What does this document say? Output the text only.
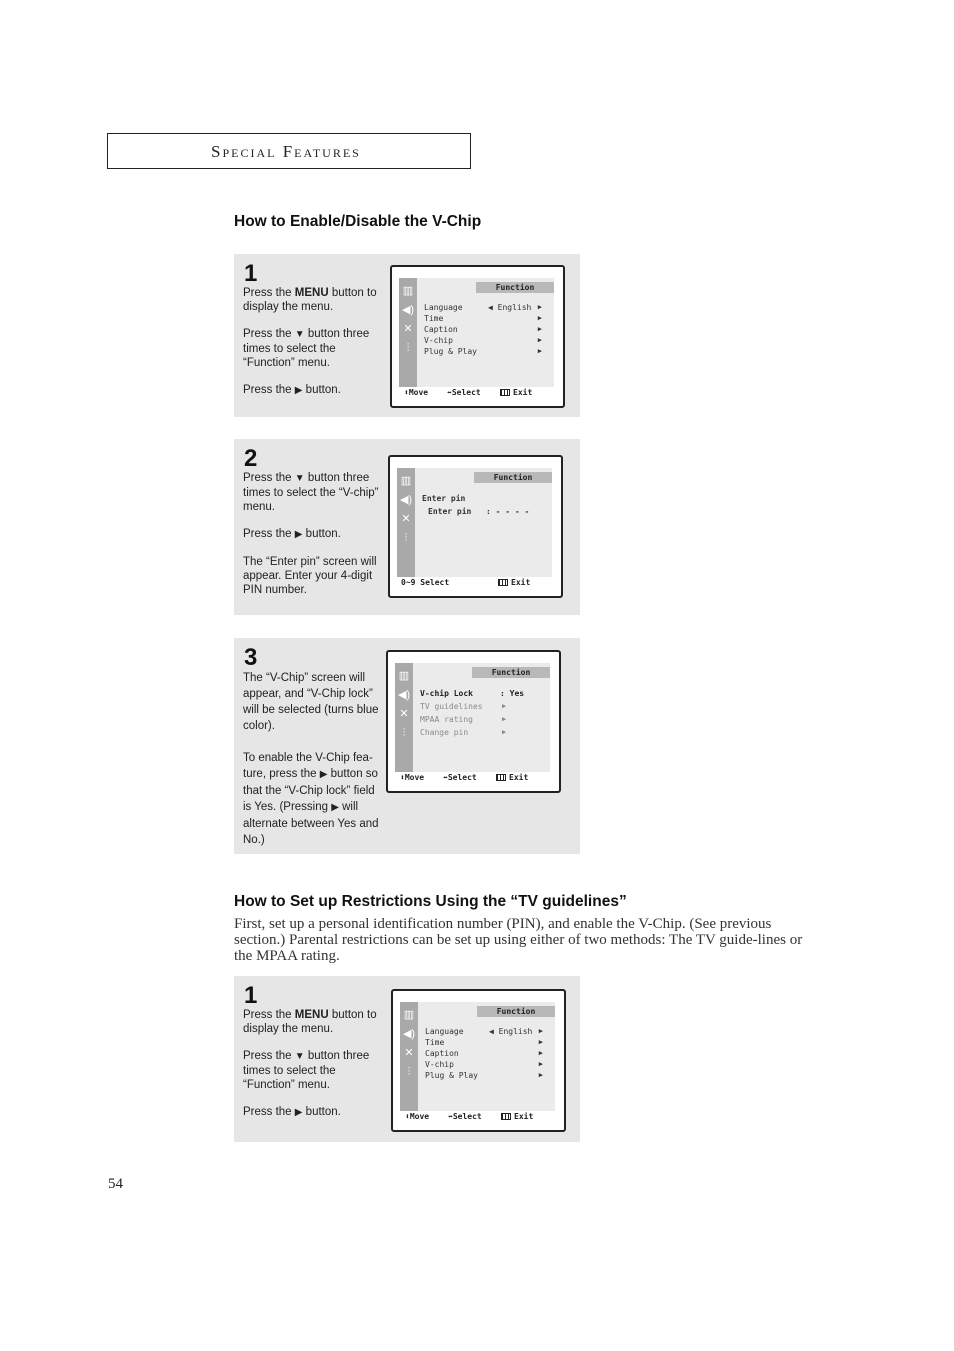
Special Features
How to Enable/Disable the V-Chip
1

Press the MENU button to display the menu.

Press the ▼ button three times to select the “Function” menu.

Press the ▶ button.

▥
◀)
✕
⫶
Function
Language	◀ English ▶
Time	▶
Caption	▶
V-chip	▶
Plug & Play	▶
⬍ Move ⬌ Select	Exit
2

Press the ▼ button three times to select the “V-chip” menu.

Press the ▶ button.

The “Enter pin” screen will appear. Enter your 4-digit PIN number.

▥
◀)
✕
⫶
Function
Enter pin
Enter pin : - - - -
0~9 Select	Exit
3

The “V-Chip” screen will appear, and “V-Chip lock” will be selected (turns blue color).

To enable the V-Chip fea-ture, press the ▶ button so that the “V-Chip lock” field is Yes. (Pressing ▶ will alternate between Yes and No.)

▥
◀)
✕
⫶
Function
V-chip Lock	: Yes
TV guidelines	▶
MPAA rating	▶
Change pin	▶
⬍ Move ⬌ Select	Exit
How to Set up Restrictions Using the “TV guidelines”
First, set up a personal identification number (PIN), and enable the V-Chip. (See previous section.) Parental restrictions can be set up using either of two methods: The TV guide-lines or the MPAA rating.
1

Press the MENU button to display the menu.

Press the ▼ button three times to select the “Function” menu.

Press the ▶ button.

▥
◀)
✕
⫶
Function
Language	◀ English ▶
Time	▶
Caption	▶
V-chip	▶
Plug & Play	▶
⬍ Move ⬌ Select	Exit
54
